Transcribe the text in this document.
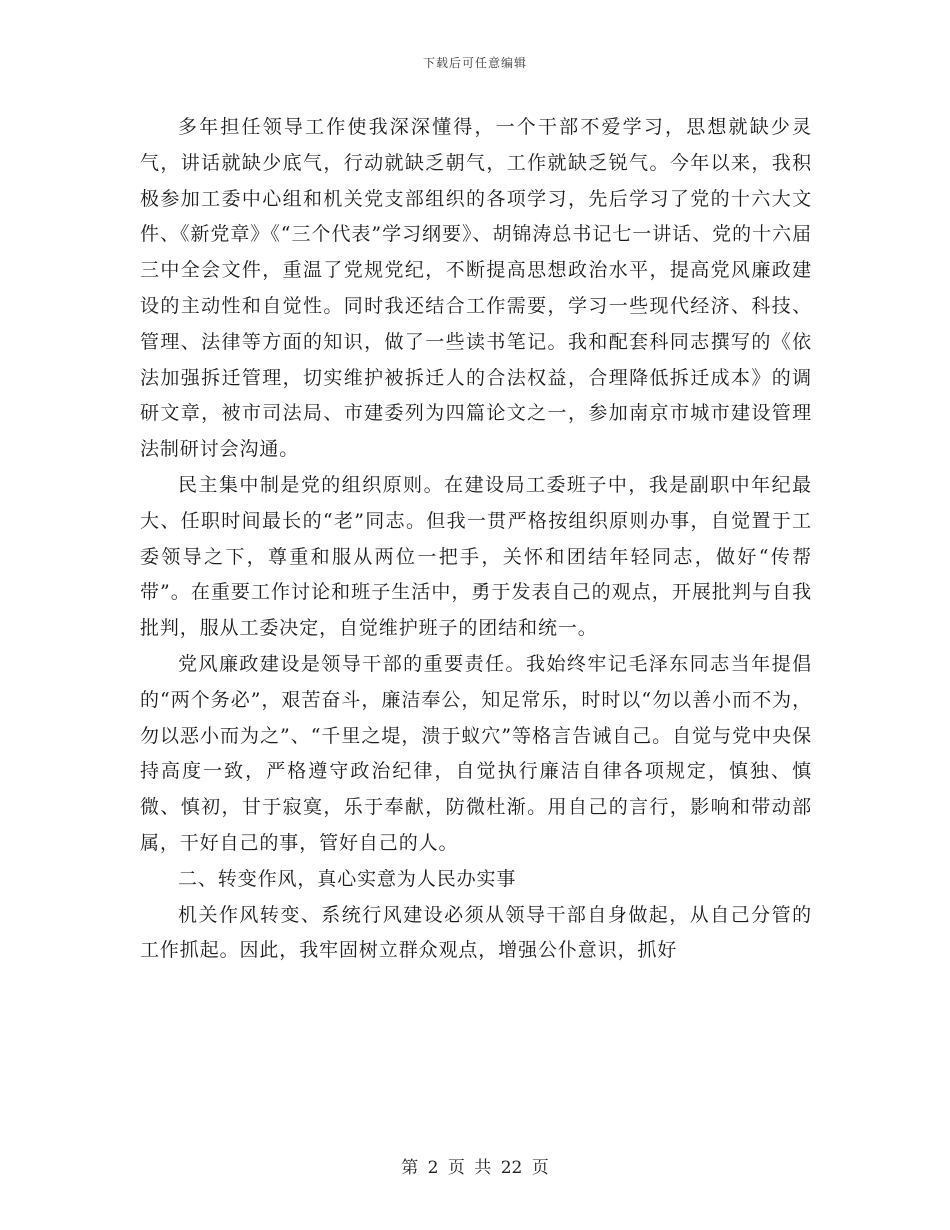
下载后可任意编辑

多年担任领导工作使我深深懂得，一个干部不爱学习，思想就缺少灵气，讲话就缺少底气，行动就缺乏朝气，工作就缺乏锐气。今年以来，我积极参加工委中心组和机关党支部组织的各项学习，先后学习了党的十六大文件、《新党章》《“三个代表”学习纲要》、胡锦涛总书记七一讲话、党的十六届三中全会文件，重温了党规党纪，不断提高思想政治水平，提高党风廉政建设的主动性和自觉性。同时我还结合工作需要，学习一些现代经济、科技、管理、法律等方面的知识，做了一些读书笔记。我和配套科同志撰写的《依法加强拆迁管理，切实维护被拆迁人的合法权益，合理降低拆迁成本》的调研文章，被市司法局、市建委列为四篇论文之一，参加南京市城市建设管理法制研讨会沟通。

民主集中制是党的组织原则。在建设局工委班子中，我是副职中年纪最大、任职时间最长的“老”同志。但我一贯严格按组织原则办事，自觉置于工委领导之下，尊重和服从两位一把手，关怀和团结年轻同志，做好“传帮带”。在重要工作讨论和班子生活中，勇于发表自己的观点，开展批判与自我批判，服从工委决定，自觉维护班子的团结和统一。

党风廉政建设是领导干部的重要责任。我始终牢记毛泽东同志当年提倡的“两个务必”，艰苦奋斗，廉洁奉公，知足常乐，时时以“勿以善小而不为，勿以恶小而为之”、“千里之堤，溃于蚁穴”等格言告诫自己。自觉与党中央保持高度一致，严格遵守政治纪律，自觉执行廉洁自律各项规定，慎独、慎微、慎初，甘于寂寞，乐于奉献，防微杜渐。用自己的言行，影响和带动部属，干好自己的事，管好自己的人。

二、转变作风，真心实意为人民办实事

机关作风转变、系统行风建设必须从领导干部自身做起，从自己分管的工作抓起。因此，我牢固树立群众观点，增强公仆意识，抓好

第 2 页 共 22 页
